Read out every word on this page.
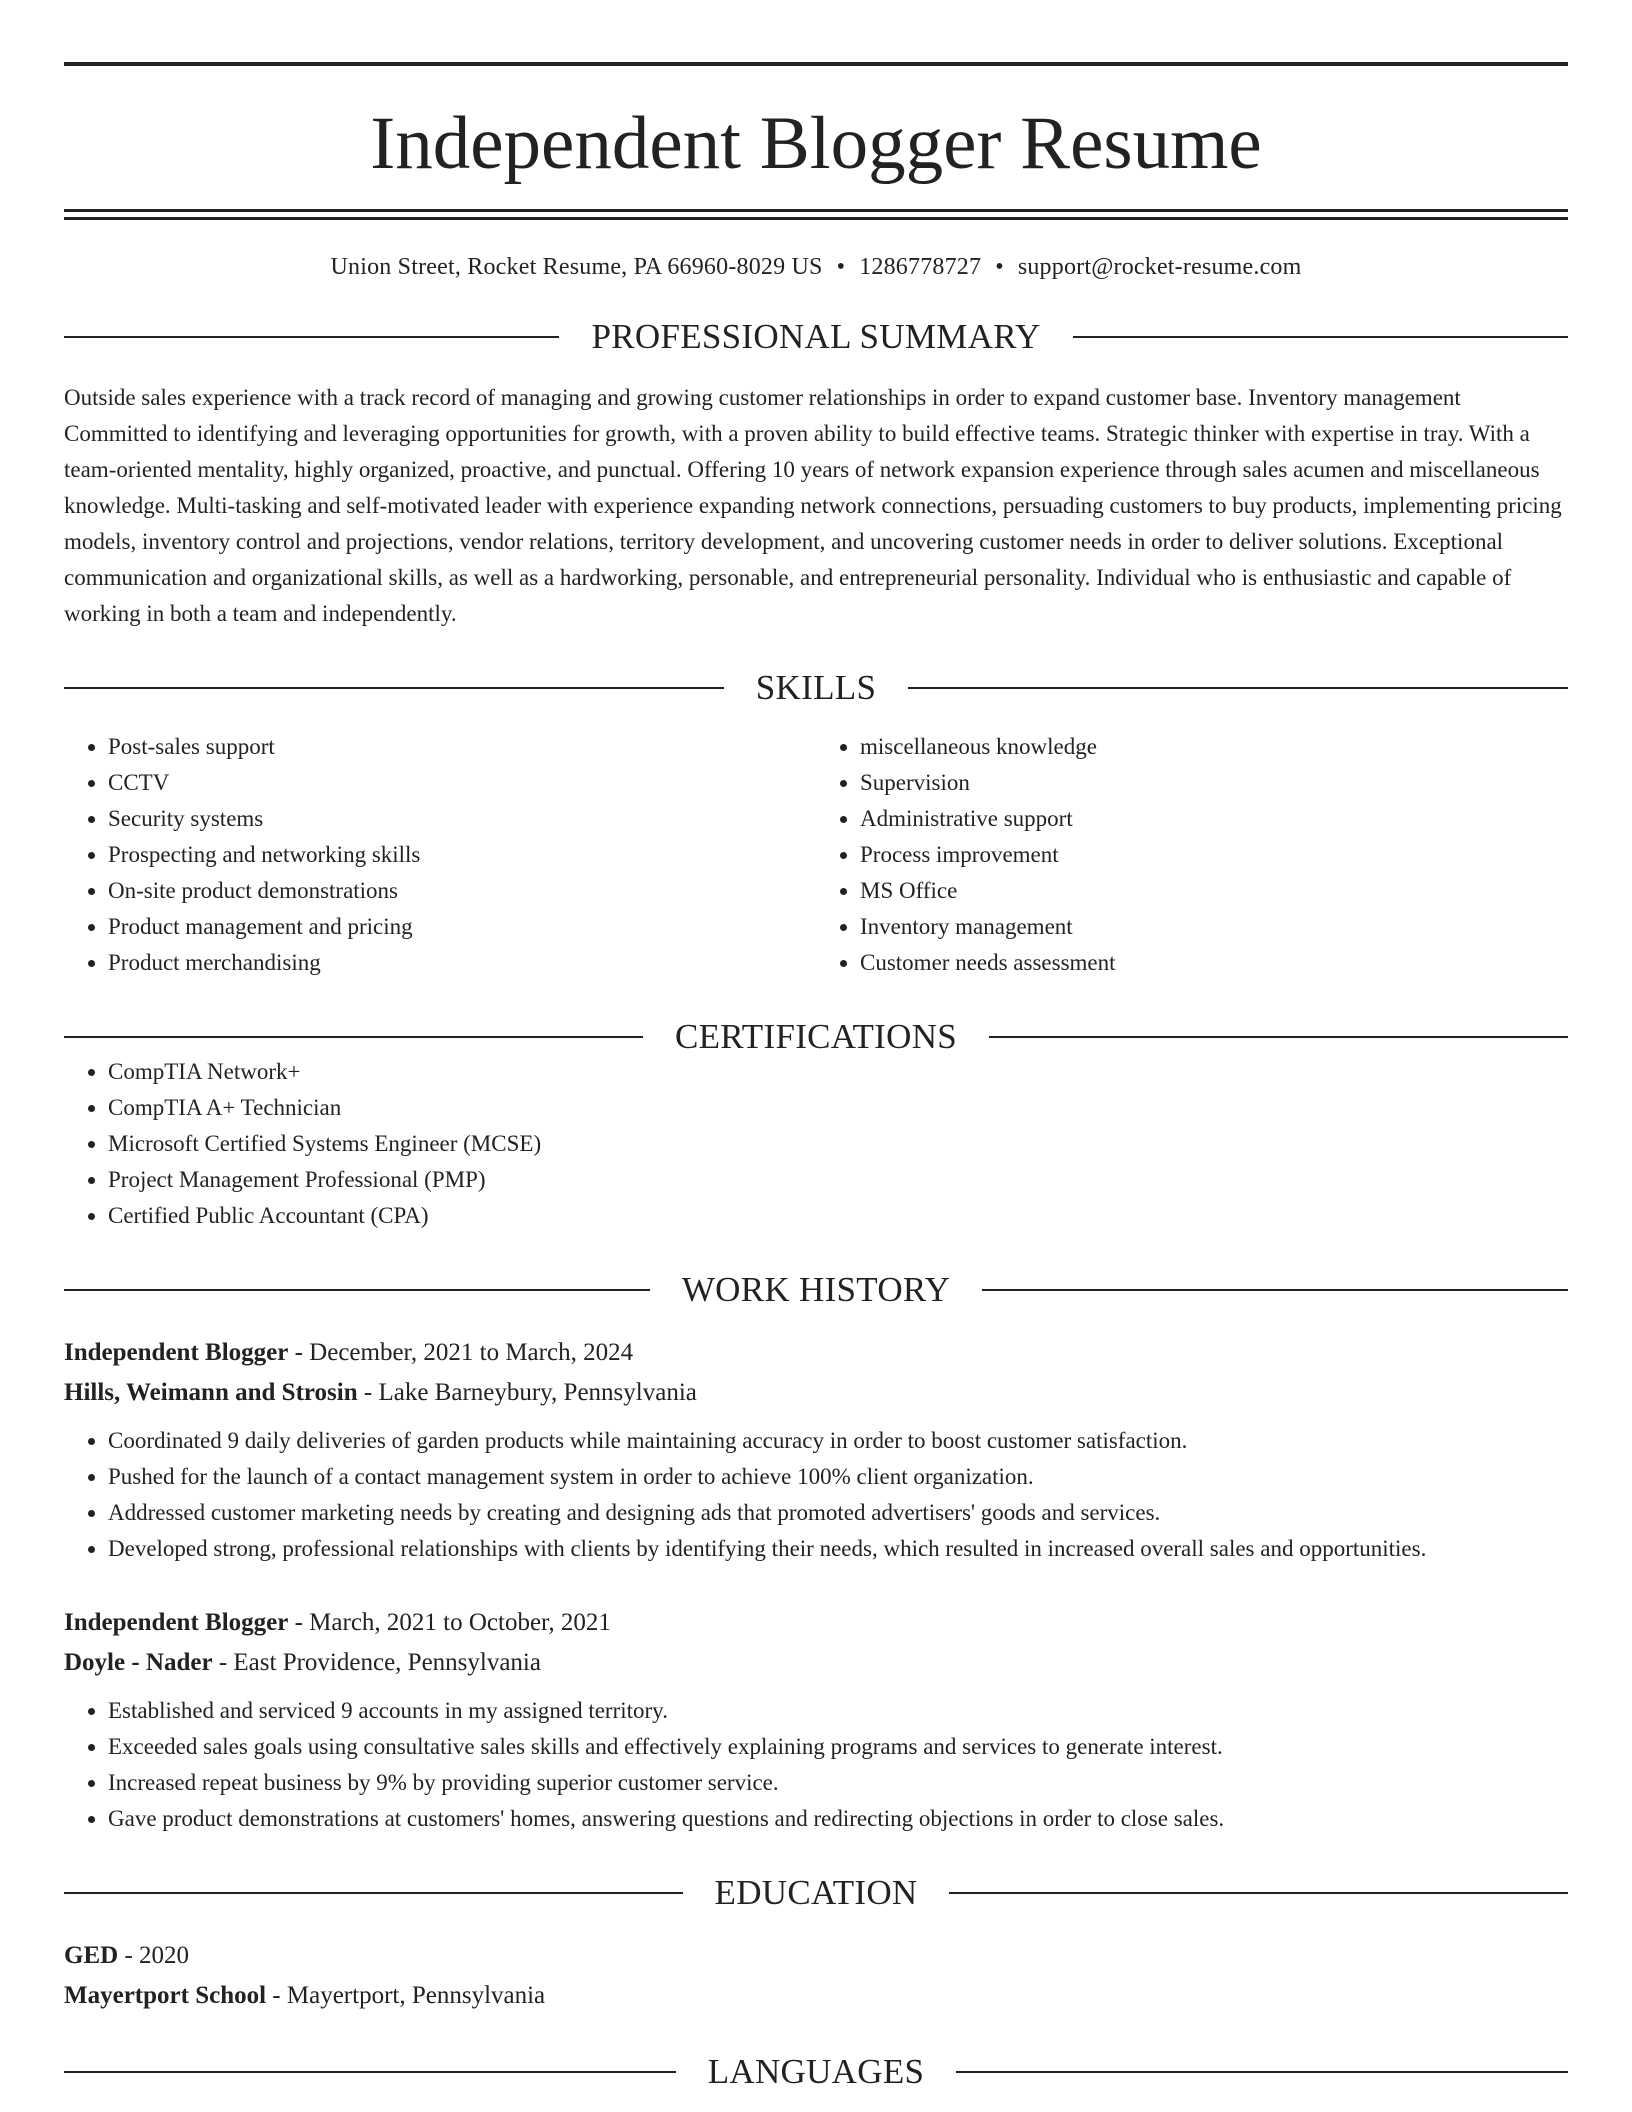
Independent Blogger Resume
Union Street, Rocket Resume, PA 66960-8029 US • 1286778727 • support@rocket-resume.com
PROFESSIONAL SUMMARY
Outside sales experience with a track record of managing and growing customer relationships in order to expand customer base. Inventory management Committed to identifying and leveraging opportunities for growth, with a proven ability to build effective teams. Strategic thinker with expertise in tray. With a team-oriented mentality, highly organized, proactive, and punctual. Offering 10 years of network expansion experience through sales acumen and miscellaneous knowledge. Multi-tasking and self-motivated leader with experience expanding network connections, persuading customers to buy products, implementing pricing models, inventory control and projections, vendor relations, territory development, and uncovering customer needs in order to deliver solutions. Exceptional communication and organizational skills, as well as a hardworking, personable, and entrepreneurial personality. Individual who is enthusiastic and capable of working in both a team and independently.
SKILLS
• Post-sales support
• CCTV
• Security systems
• Prospecting and networking skills
• On-site product demonstrations
• Product management and pricing
• Product merchandising
• miscellaneous knowledge
• Supervision
• Administrative support
• Process improvement
• MS Office
• Inventory management
• Customer needs assessment
CERTIFICATIONS
• CompTIA Network+
• CompTIA A+ Technician
• Microsoft Certified Systems Engineer (MCSE)
• Project Management Professional (PMP)
• Certified Public Accountant (CPA)
WORK HISTORY
Independent Blogger - December, 2021 to March, 2024
Hills, Weimann and Strosin - Lake Barneybury, Pennsylvania
• Coordinated 9 daily deliveries of garden products while maintaining accuracy in order to boost customer satisfaction.
• Pushed for the launch of a contact management system in order to achieve 100% client organization.
• Addressed customer marketing needs by creating and designing ads that promoted advertisers' goods and services.
• Developed strong, professional relationships with clients by identifying their needs, which resulted in increased overall sales and opportunities.
Independent Blogger - March, 2021 to October, 2021
Doyle - Nader - East Providence, Pennsylvania
• Established and serviced 9 accounts in my assigned territory.
• Exceeded sales goals using consultative sales skills and effectively explaining programs and services to generate interest.
• Increased repeat business by 9% by providing superior customer service.
• Gave product demonstrations at customers' homes, answering questions and redirecting objections in order to close sales.
EDUCATION
GED - 2020
Mayertport School - Mayertport, Pennsylvania
LANGUAGES
